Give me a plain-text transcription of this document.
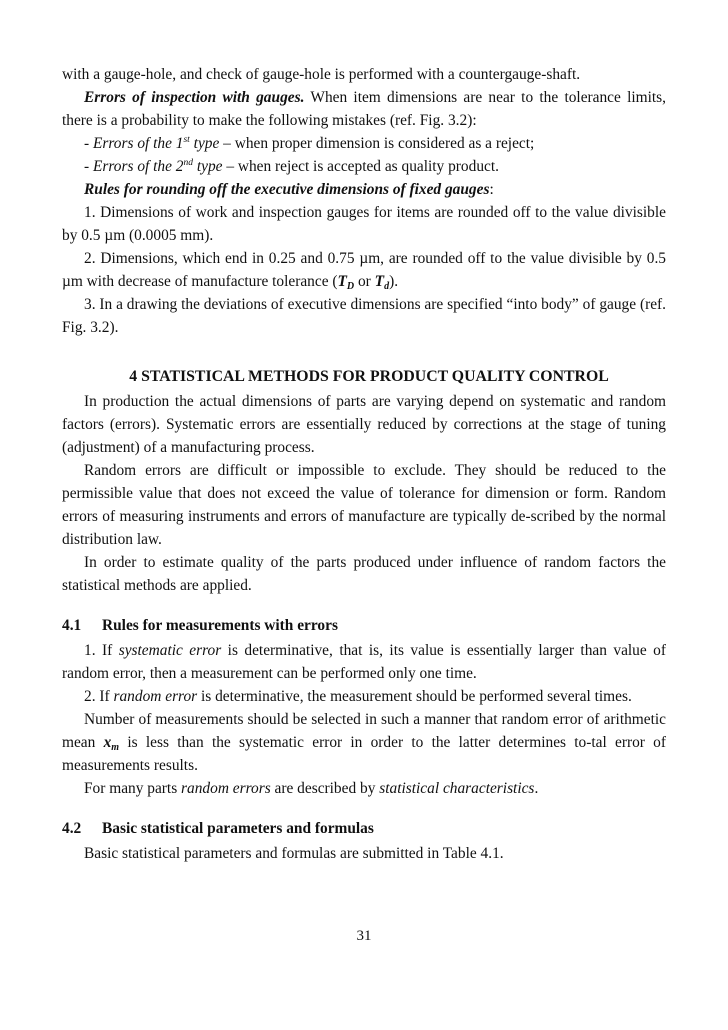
with a gauge-hole, and check of gauge-hole is performed with a countergauge-shaft.

Errors of inspection with gauges. When item dimensions are near to the tolerance limits, there is a probability to make the following mistakes (ref. Fig. 3.2):

- Errors of the 1st type – when proper dimension is considered as a reject;

- Errors of the 2nd type – when reject is accepted as quality product.

Rules for rounding off the executive dimensions of fixed gauges:

1. Dimensions of work and inspection gauges for items are rounded off to the value divisible by 0.5 µm (0.0005 mm).

2. Dimensions, which end in 0.25 and 0.75 µm, are rounded off to the value divisible by 0.5 µm with decrease of manufacture tolerance ($T_D$ or $T_d$).

3. In a drawing the deviations of executive dimensions are specified “into body” of gauge (ref. Fig. 3.2).

4 STATISTICAL METHODS FOR PRODUCT QUALITY CONTROL

In production the actual dimensions of parts are varying depend on systematic and random factors (errors). Systematic errors are essentially reduced by corrections at the stage of tuning (adjustment) of a manufacturing process.

Random errors are difficult or impossible to exclude. They should be reduced to the permissible value that does not exceed the value of tolerance for dimension or form. Random errors of measuring instruments and errors of manufacture are typically de-scribed by the normal distribution law.

In order to estimate quality of the parts produced under influence of random factors the statistical methods are applied.

4.1 Rules for measurements with errors

1. If systematic error is determinative, that is, its value is essentially larger than value of random error, then a measurement can be performed only one time.

2. If random error is determinative, the measurement should be performed several times.

Number of measurements should be selected in such a manner that random error of arithmetic mean $x_m$ is less than the systematic error in order to the latter determines to-tal error of measurements results.

For many parts random errors are described by statistical characteristics.

4.2 Basic statistical parameters and formulas

Basic statistical parameters and formulas are submitted in Table 4.1.

31
